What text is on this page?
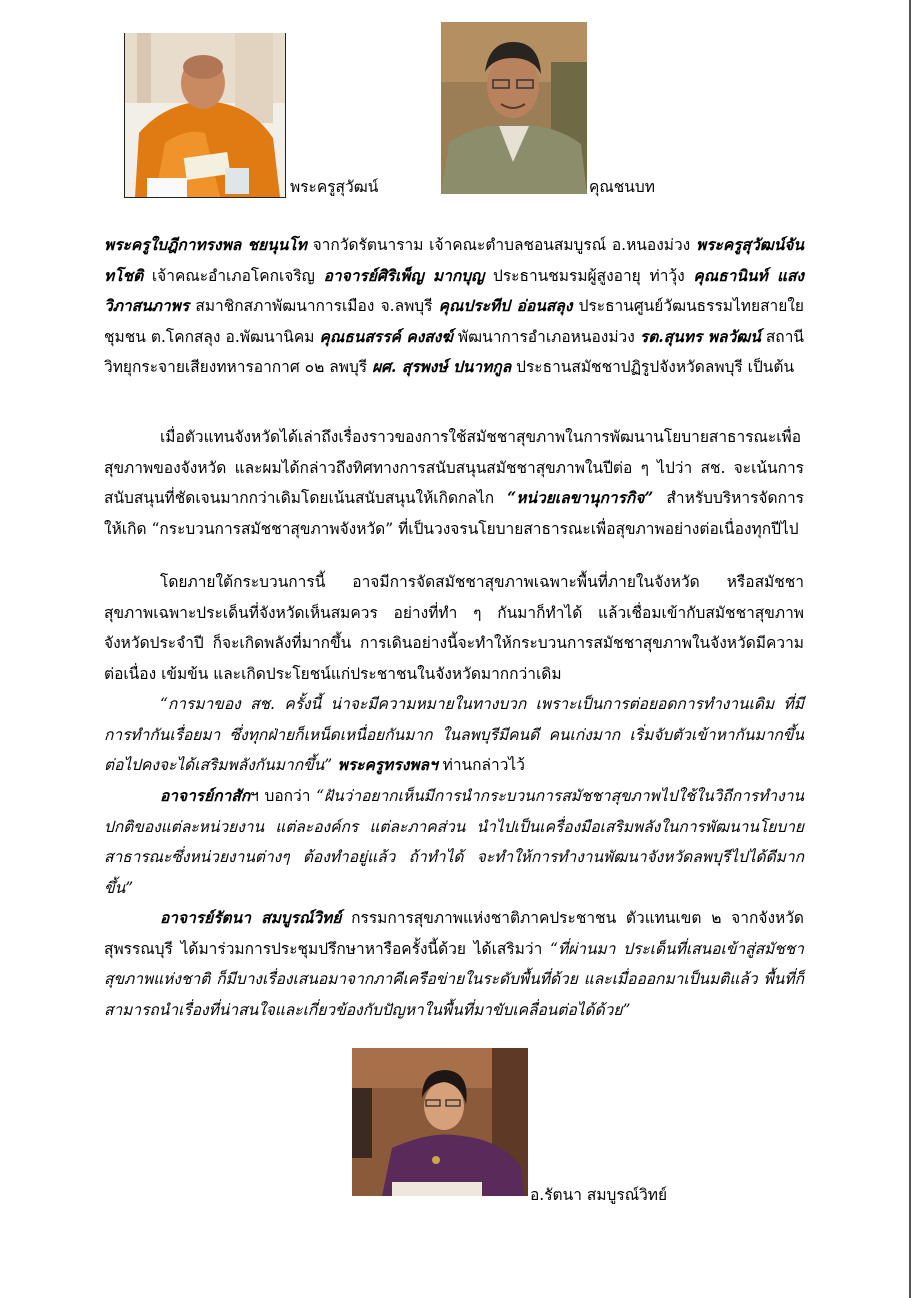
พระครูสุวัฒน์	คุณชนบท
พระครูใบฎีกาทรงพล ชยนุนโท จากวัดรัตนาราม เจ้าคณะตำบลชอนสมบูรณ์ อ.หนองม่วง พระครูสุวัฒน์จันทโชติ เจ้าคณะอำเภอโคกเจริญ อาจารย์ศิริเพ็ญ มากบุญ ประธานชมรมผู้สูงอายุ ท่าวุ้ง คุณธานินท์ แสงวิภาสนภาพร สมาชิกสภาพัฒนาการเมือง จ.ลพบุรี คุณประทีป อ่อนสลุง ประธานศูนย์วัฒนธรรมไทยสายใยชุมชน ต.โคกสลุง อ.พัฒนานิคม คุณธนสรรค์ คงสงฆ์ พัฒนาการอำเภอหนองม่วง รต.สุนทร พลวัฒน์ สถานีวิทยุกระจายเสียงทหารอากาศ ๐๒ ลพบุรี ผศ. สุรพงษ์ ปนาทกูล ประธานสมัชชาปฏิรูปจังหวัดลพบุรี เป็นต้น
เมื่อตัวแทนจังหวัดได้เล่าถึงเรื่องราวของการใช้สมัชชาสุขภาพในการพัฒนานโยบายสาธารณะเพื่อสุขภาพของจังหวัด และผมได้กล่าวถึงทิศทางการสนับสนุนสมัชชาสุขภาพในปีต่อ ๆ ไปว่า สช. จะเน้นการสนับสนุนที่ชัดเจนมากกว่าเดิมโดยเน้นสนับสนุนให้เกิดกลไก “หน่วยเลขานุการกิจ” สำหรับบริหารจัดการให้เกิด “กระบวนการสมัชชาสุขภาพจังหวัด” ที่เป็นวงจรนโยบายสาธารณะเพื่อสุขภาพอย่างต่อเนื่องทุกปีไป
โดยภายใต้กระบวนการนี้ อาจมีการจัดสมัชชาสุขภาพเฉพาะพื้นที่ภายในจังหวัด หรือสมัชชาสุขภาพเฉพาะประเด็นที่จังหวัดเห็นสมควร อย่างที่ทำ ๆ กันมาก็ทำได้ แล้วเชื่อมเข้ากับสมัชชาสุขภาพจังหวัดประจำปี ก็จะเกิดพลังที่มากขึ้น การเดินอย่างนี้จะทำให้กระบวนการสมัชชาสุขภาพในจังหวัดมีความต่อเนื่อง เข้มข้น และเกิดประโยชน์แก่ประชาชนในจังหวัดมากกว่าเดิม
“การมาของ สช. ครั้งนี้ น่าจะมีความหมายในทางบวก เพราะเป็นการต่อยอดการทำงานเดิม ที่มีการทำกันเรื่อยมา ซึ่งทุกฝ่ายก็เหน็ดเหนื่อยกันมาก ในลพบุรีมีคนดี คนเก่งมาก เริ่มจับตัวเข้าหากันมากขึ้น ต่อไปคงจะได้เสริมพลังกันมากขึ้น” พระครูทรงพลฯ ท่านกล่าวไว้
อาจารย์กาสักฯ บอกว่า “ฝันว่าอยากเห็นมีการนำกระบวนการสมัชชาสุขภาพไปใช้ในวิถีการทำงานปกติของแต่ละหน่วยงาน แต่ละองค์กร แต่ละภาคส่วน นำไปเป็นเครื่องมือเสริมพลังในการพัฒนานโยบายสาธารณะซึ่งหน่วยงานต่างๆ ต้องทำอยู่แล้ว ถ้าทำได้ จะทำให้การทำงานพัฒนาจังหวัดลพบุรีไปได้ดีมากขึ้น”
อาจารย์รัตนา สมบูรณ์วิทย์ กรรมการสุขภาพแห่งชาติภาคประชาชน ตัวแทนเขต ๒ จากจังหวัดสุพรรณบุรี ได้มาร่วมการประชุมปรึกษาหารือครั้งนี้ด้วย ได้เสริมว่า “ที่ผ่านมา ประเด็นที่เสนอเข้าสู่สมัชชาสุขภาพแห่งชาติ ก็มีบางเรื่องเสนอมาจากภาคีเครือข่ายในระดับพื้นที่ด้วย และเมื่อออกมาเป็นมติแล้ว พื้นที่ก็สามารถนำเรื่องที่น่าสนใจและเกี่ยวข้องกับปัญหาในพื้นที่มาขับเคลื่อนต่อได้ด้วย”
อ.รัตนา สมบูรณ์วิทย์
